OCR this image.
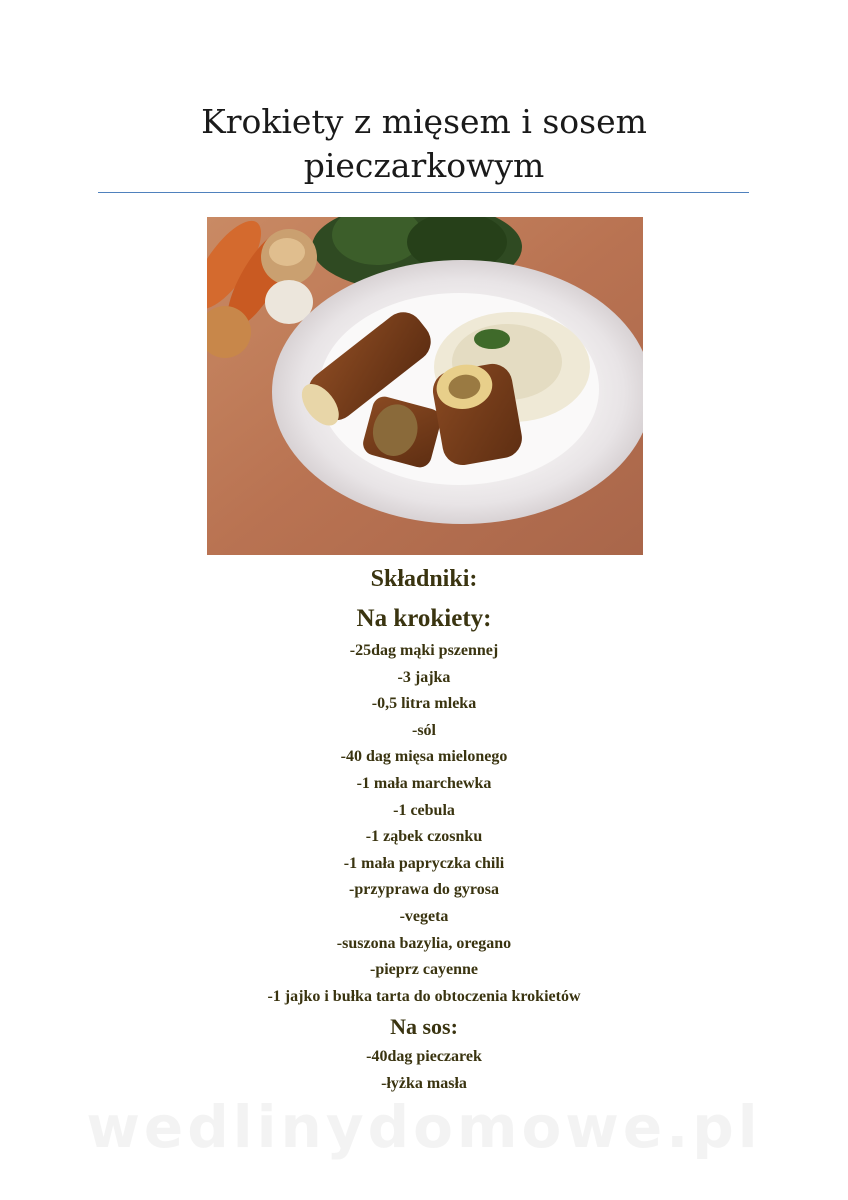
Krokiety z mięsem i sosem
pieczarkowym
Składniki:
Na krokiety:
-25dag mąki pszennej
-3 jajka
-0,5 litra mleka
-sól
-40 dag mięsa mielonego
-1 mała marchewka
-1 cebula
-1 ząbek czosnku
-1 mała papryczka chili
-przyprawa do gyrosa
-vegeta
-suszona bazylia, oregano
-pieprz cayenne
-1 jajko i bułka tarta do obtoczenia krokietów
Na sos:
-40dag pieczarek
-łyżka masła
wedlinydomowe.pl
